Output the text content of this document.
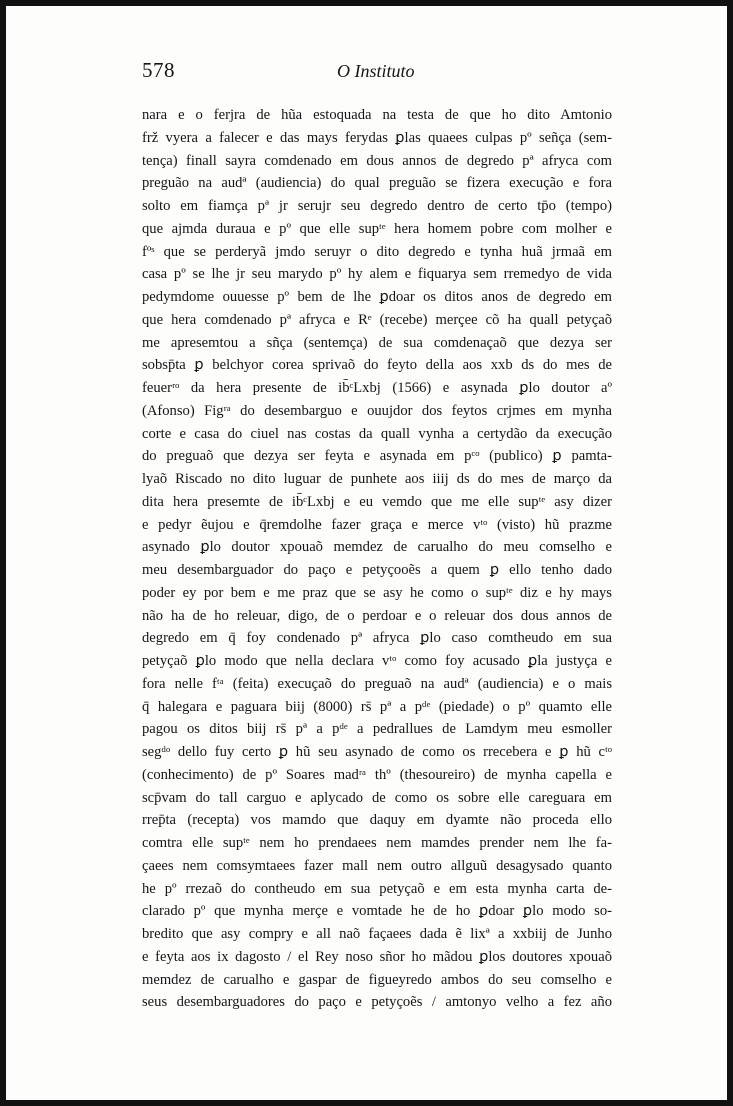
578	O Instituto
nara e o ferjra de hũa estoquada na testa de que ho dito Amtonio
frž vyera a falecer e das mays ferydas ꝑlas quaees culpas pº señça (sem-
tença) finall sayra comdenado em dous annos de degredo pª afryca com
preguão na audª (audiencia) do qual preguão se fizera execução e fora
solto em fiamça pª jr serujr seu degredo dentro de certo tp̄o (tempo)
que ajmda duraua e pº que elle supᵗᵉ hera homem pobre com molher e
fºˢ que se perderyã jmdo seruyr o dito degredo e tynha huã jrmaã em
casa pº se lhe jr seu marydo pº hy alem e fiquarya sem rremedyo de vida
pedymdome ouuesse pº bem de lhe ꝑdoar os ditos anos de degredo em
que hera comdenado pª afryca e Rᵉ (recebe) merçee cõ ha quall petyçaõ
me apresemtou a sñça (sentemça) de sua comdenaçaõ que dezya ser
sobsp̄ta ꝑ belchyor corea sprivaõ do feyto della aos xxb ds do mes de
feuerʳᵒ da hera presente de ib̄ᶜLxbj (1566) e asynada ꝑlo doutor aº
(Afonso) Figʳᵃ do desembarguo e ouujdor dos feytos crjmes em mynha
corte e casa do ciuel nas costas da quall vynha a certydão da execução
do preguaõ que dezya ser feyta e asynada em pᶜᵒ (publico) ꝑ pamta-
lyaõ Riscado no dito luguar de punhete aos iiij ds do mes de março da
dita hera presemte de ib̄ᶜLxbj e eu vemdo que me elle supᵗᵉ asy dizer
e pedyr ẽujou e q̄remdolhe fazer graça e merce vᵗᵒ (visto) hũ prazme
asynado ꝑlo doutor xpouaõ memdez de carualho do meu comselho e
meu desembarguador do paço e petyçooẽs a quem ꝑ ello tenho dado
poder ey por bem e me praz que se asy he como o supᵗᵉ diz e hy mays
não ha de ho releuar, digo, de o perdoar e o releuar dos dous annos de
degredo em q̄ foy condenado pª afryca ꝑlo caso comtheudo em sua
petyçaõ ꝑlo modo que nella declara vᵗᵒ como foy acusado ꝑla justyça e
fora nelle fᵗᵃ (feita) execuçaõ do preguaõ na audª (audiencia) e o mais
q̄ halegara e paguara biij (8000) rs̄ pª a pᵈᵉ (piedade) o pº quamto elle
pagou os ditos biij rs̄ pª a pᵈᵉ a pedrallues de Lamdym meu esmoller
segᵈᵒ dello fuy certo ꝑ hũ seu asynado de como os rrecebera e ꝑ hũ cᵗᵒ
(conhecimento) de pº Soares madʳᵃ thº (thesoureiro) de mynha capella e
scp̄vam do tall carguo e aplycado de como os sobre elle careguara em
rrep̄ta (recepta) vos mamdo que daquy em dyamte não proceda ello
comtra elle supᵗᵉ nem ho prendaees nem mamdes prender nem lhe fa-
çaees nem comsymtaees fazer mall nem outro allguũ desagysado quanto
he pº rrezaõ do contheudo em sua petyçaõ e em esta mynha carta de-
clarado pº que mynha merçe e vomtade he de ho ꝑdoar ꝑlo modo so-
bredito que asy compry e all naõ façaees dada ẽ lixª a xxbiij de Junho
e feyta aos ix dagosto / el Rey noso sñor ho mãdou ꝑlos doutores xpouaõ
memdez de carualho e gaspar de figueyredo ambos do seu comselho e
seus desembarguadores do paço e petyçoẽs / amtonyo velho a fez año
